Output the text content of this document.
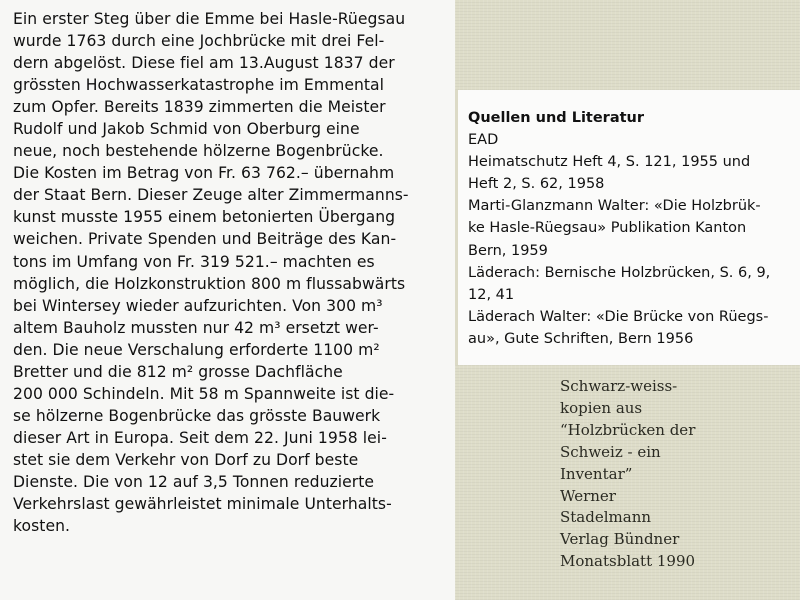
Ein erster Steg über die Emme bei Hasle-Rüegsau
wurde 1763 durch eine Jochbrücke mit drei Fel-
dern abgelöst. Diese fiel am 13.August 1837 der
grössten Hochwasserkatastrophe im Emmental
zum Opfer. Bereits 1839 zimmerten die Meister
Rudolf und Jakob Schmid von Oberburg eine
neue, noch bestehende hölzerne Bogenbrücke.
Die Kosten im Betrag von Fr. 63 762.– übernahm
der Staat Bern. Dieser Zeuge alter Zimmermanns-
kunst musste 1955 einem betonierten Übergang
weichen. Private Spenden und Beiträge des Kan-
tons im Umfang von Fr. 319 521.– machten es
möglich, die Holzkonstruktion 800 m flussabwärts
bei Wintersey wieder aufzurichten. Von 300 m³
altem Bauholz mussten nur 42 m³ ersetzt wer-
den. Die neue Verschalung erforderte 1100 m²
Bretter und die 812 m² grosse Dachfläche
200 000 Schindeln. Mit 58 m Spannweite ist die-
se hölzerne Bogenbrücke das grösste Bauwerk
dieser Art in Europa. Seit dem 22. Juni 1958 lei-
stet sie dem Verkehr von Dorf zu Dorf beste
Dienste. Die von 12 auf 3,5 Tonnen reduzierte
Verkehrslast gewährleistet minimale Unterhalts-
kosten.
Quellen und Literatur
EAD
Heimatschutz Heft 4, S. 121, 1955 und
Heft 2, S. 62, 1958
Marti-Glanzmann Walter: «Die Holzbrük-
ke Hasle-Rüegsau» Publikation Kanton
Bern, 1959
Läderach: Bernische Holzbrücken, S. 6, 9,
12, 41
Läderach Walter: «Die Brücke von Rüegs-
au», Gute Schriften, Bern 1956
Schwarz-weiss-
kopien aus
“Holzbrücken der
Schweiz - ein
Inventar”
Werner
Stadelmann
Verlag Bündner
Monatsblatt 1990
